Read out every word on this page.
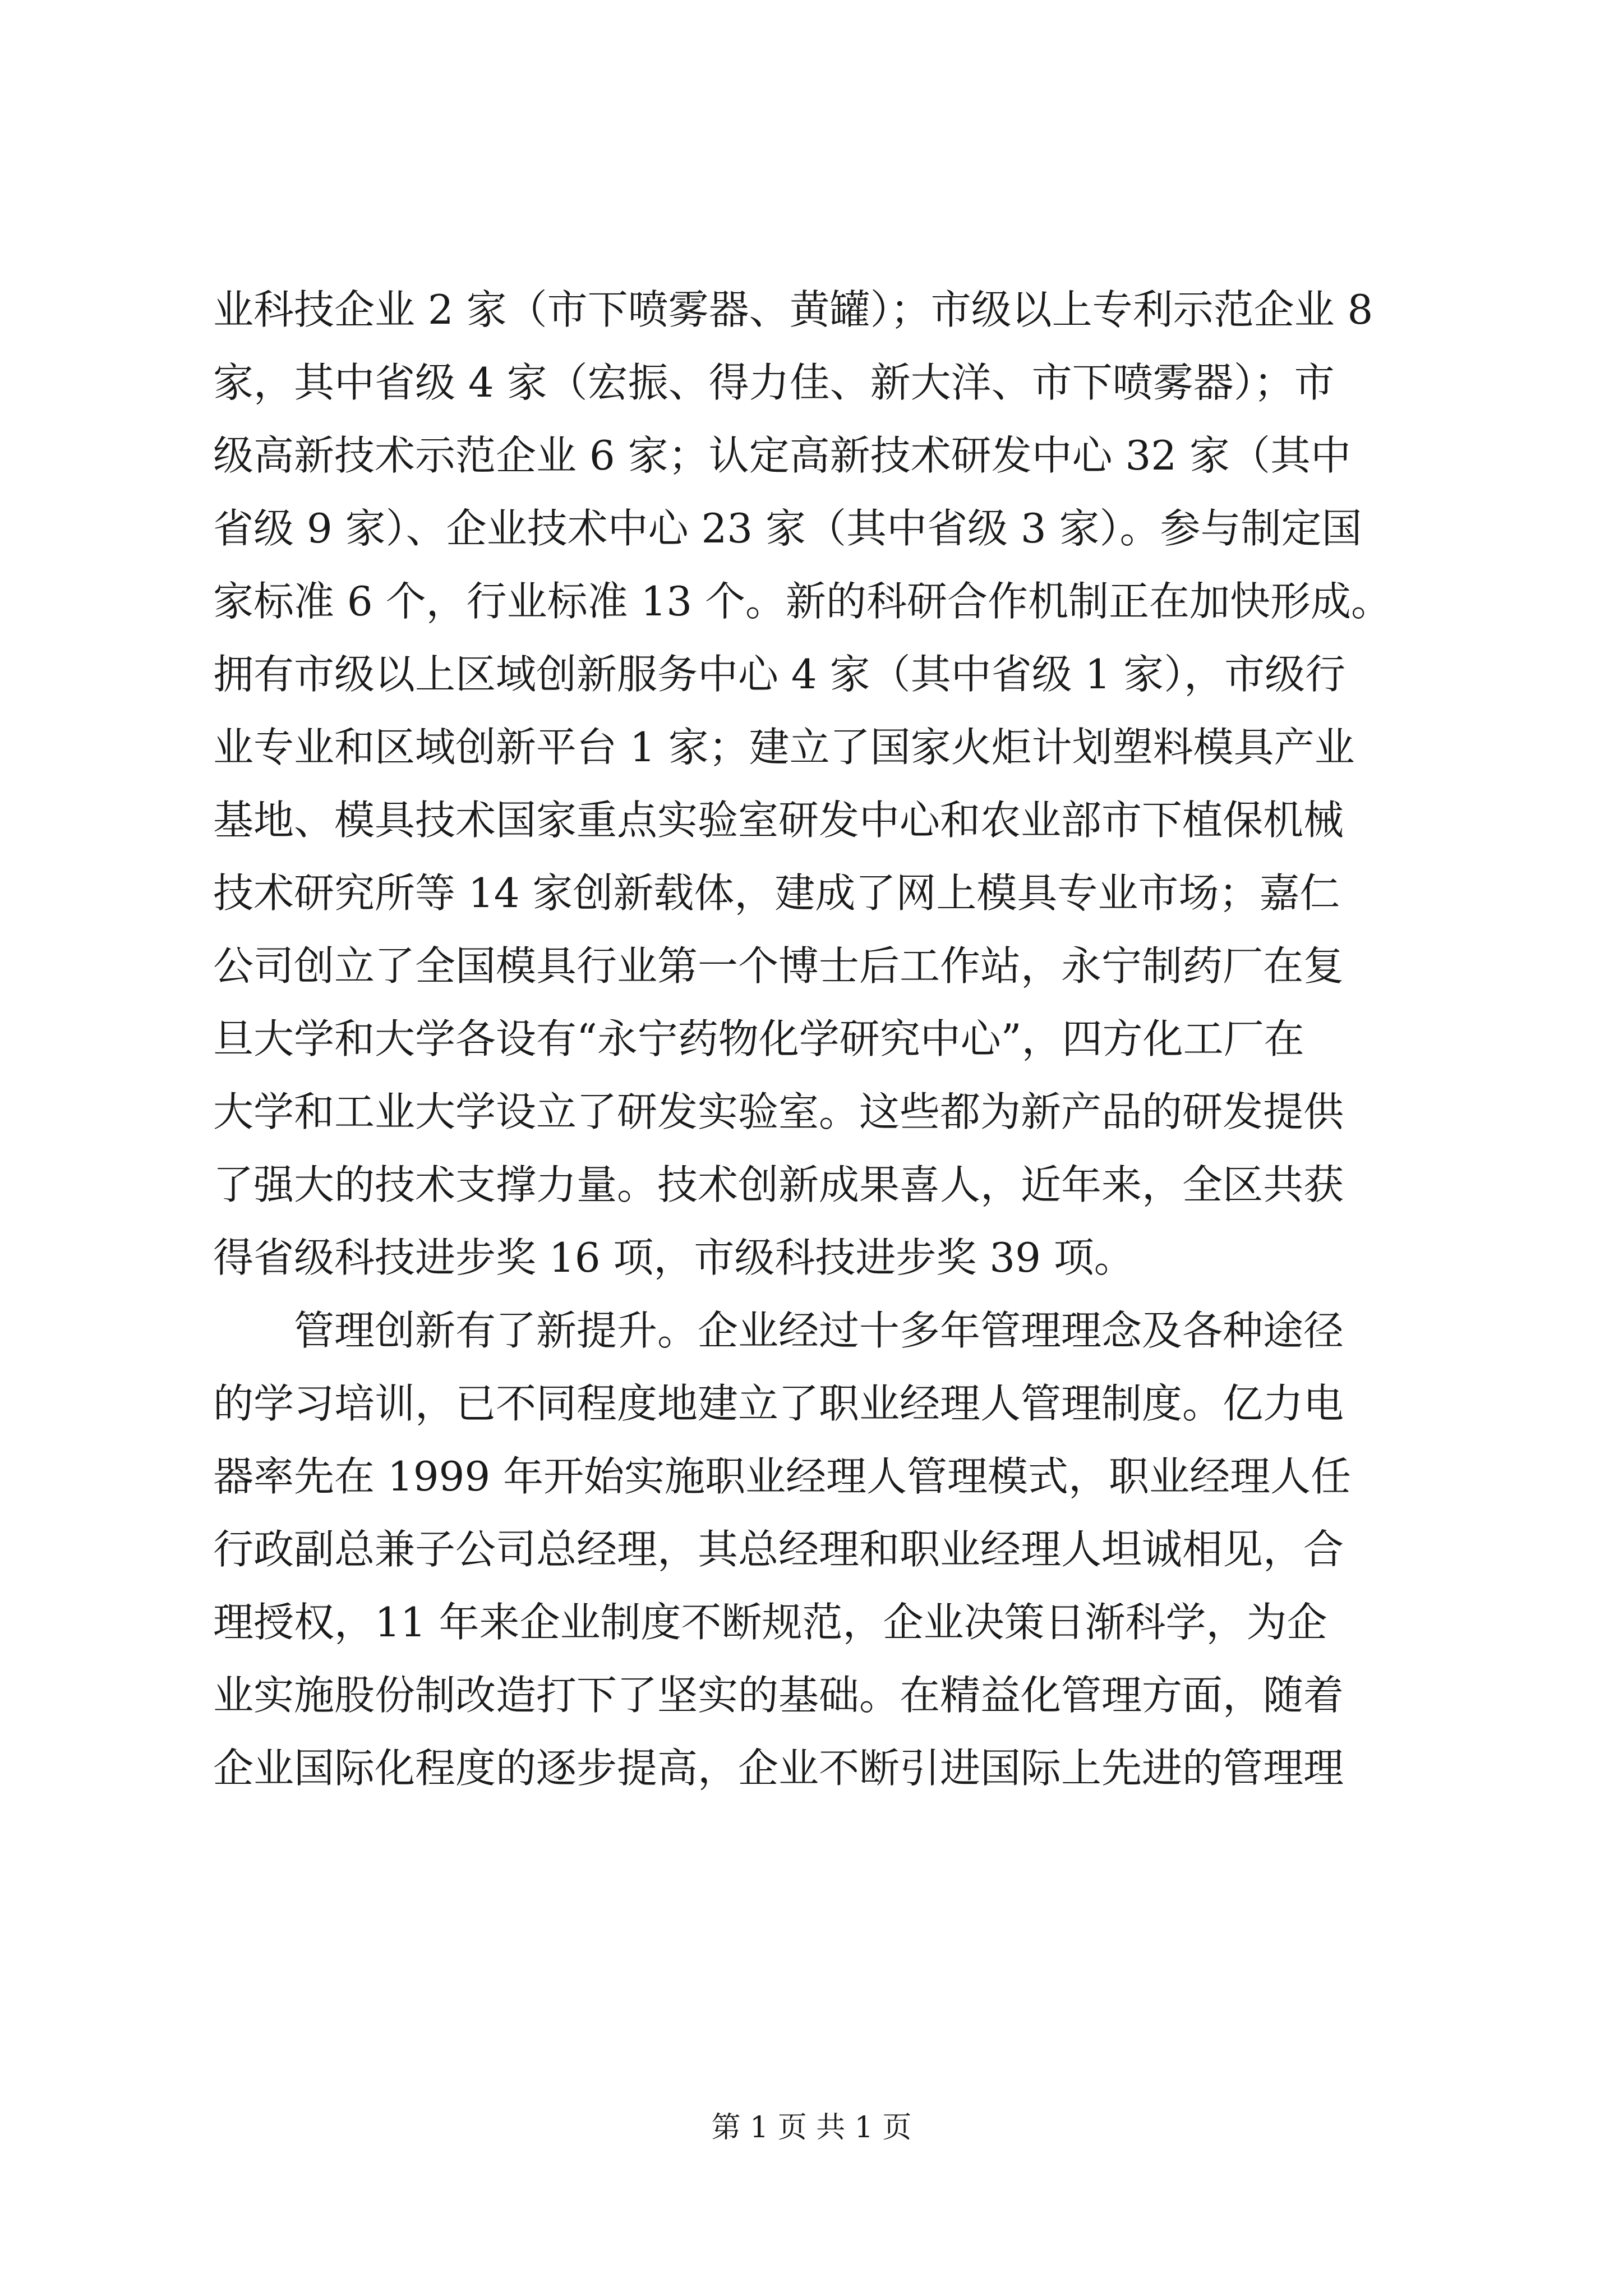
业科技企业 2 家（市下喷雾器、黄罐）；市级以上专利示范企业 8
家，其中省级 4 家（宏振、得力佳、新大洋、市下喷雾器）；市
级高新技术示范企业 6 家；认定高新技术研发中心 32 家（其中
省级 9 家）、企业技术中心 23 家（其中省级 3 家）。参与制定国
家标准 6 个，行业标准 13 个。新的科研合作机制正在加快形成。
拥有市级以上区域创新服务中心 4 家（其中省级 1 家），市级行
业专业和区域创新平台 1 家；建立了国家火炬计划塑料模具产业
基地、模具技术国家重点实验室研发中心和农业部市下植保机械
技术研究所等 14 家创新载体，建成了网上模具专业市场；嘉仁
公司创立了全国模具行业第一个博士后工作站，永宁制药厂在复
旦大学和大学各设有“永宁药物化学研究中心”，四方化工厂在
大学和工业大学设立了研发实验室。这些都为新产品的研发提供
了强大的技术支撑力量。技术创新成果喜人，近年来，全区共获
得省级科技进步奖 16 项，市级科技进步奖 39 项。
管理创新有了新提升。企业经过十多年管理理念及各种途径
的学习培训，已不同程度地建立了职业经理人管理制度。亿力电
器率先在 1999 年开始实施职业经理人管理模式，职业经理人任
行政副总兼子公司总经理，其总经理和职业经理人坦诚相见，合
理授权，11 年来企业制度不断规范，企业决策日渐科学，为企
业实施股份制改造打下了坚实的基础。在精益化管理方面，随着
企业国际化程度的逐步提高，企业不断引进国际上先进的管理理
第 1 页 共 1 页
